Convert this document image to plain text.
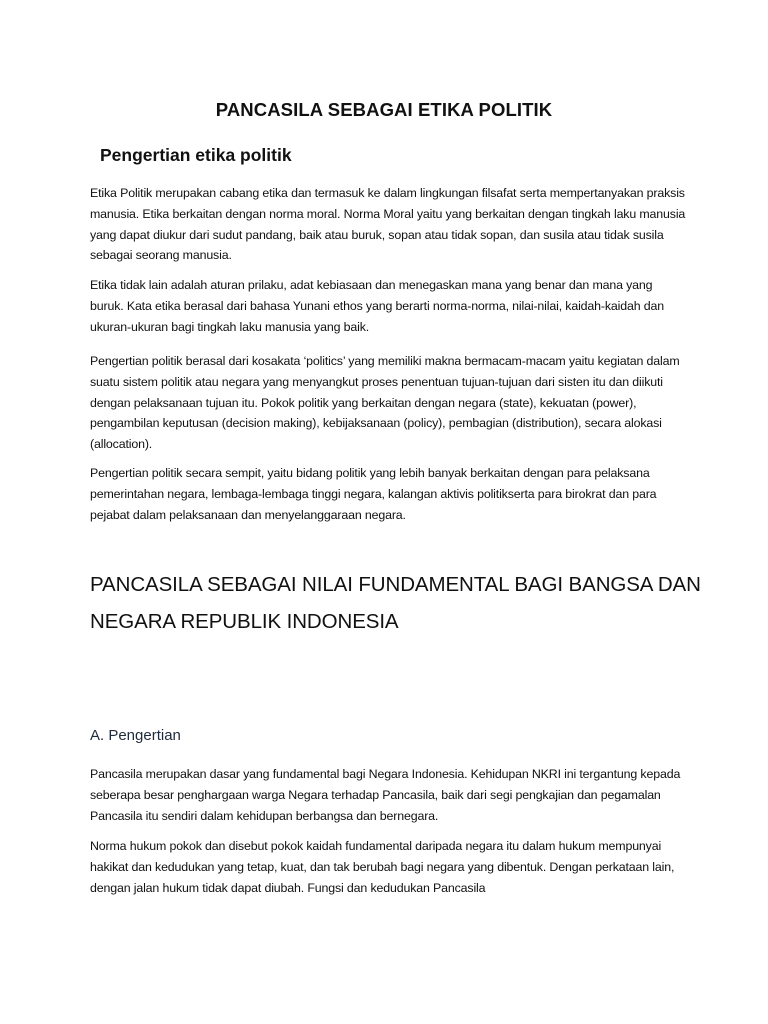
PANCASILA SEBAGAI ETIKA POLITIK
Pengertian etika politik

Etika Politik merupakan cabang etika dan termasuk ke dalam lingkungan filsafat serta mempertanyakan praksis manusia. Etika berkaitan dengan norma moral. Norma Moral yaitu yang berkaitan dengan tingkah laku manusia yang dapat diukur dari sudut pandang, baik atau buruk, sopan atau tidak sopan, dan susila atau tidak susila sebagai seorang manusia.

Etika tidak lain adalah aturan prilaku, adat kebiasaan dan menegaskan mana yang benar dan mana yang buruk. Kata etika berasal dari bahasa Yunani ethos yang berarti norma-norma, nilai-nilai, kaidah-kaidah dan ukuran-ukuran bagi tingkah laku manusia yang baik.

Pengertian politik berasal dari kosakata ‘politics’ yang memiliki makna bermacam-macam yaitu kegiatan dalam suatu sistem politik atau negara yang menyangkut proses penentuan tujuan-tujuan dari sisten itu dan diikuti dengan pelaksanaan tujuan itu. Pokok politik yang berkaitan dengan negara (state), kekuatan (power), pengambilan keputusan (decision making), kebijaksanaan (policy), pembagian (distribution), secara alokasi (allocation).

Pengertian politik secara sempit, yaitu bidang politik yang lebih banyak berkaitan dengan para pelaksana pemerintahan negara, lembaga-lembaga tinggi negara, kalangan aktivis politikserta para birokrat dan para pejabat dalam pelaksanaan dan menyelanggaraan negara.

PANCASILA SEBAGAI NILAI FUNDAMENTAL BAGI BANGSA DAN NEGARA REPUBLIK INDONESIA
A. Pengertian

Pancasila merupakan dasar yang fundamental bagi Negara Indonesia. Kehidupan NKRI ini tergantung kepada seberapa besar penghargaan warga Negara terhadap Pancasila, baik dari segi pengkajian dan pegamalan Pancasila itu sendiri dalam kehidupan berbangsa dan bernegara.

Norma hukum pokok dan disebut pokok kaidah fundamental daripada negara itu dalam hukum mempunyai hakikat dan kedudukan yang tetap, kuat, dan tak berubah bagi negara yang dibentuk. Dengan perkataan lain, dengan jalan hukum tidak dapat diubah. Fungsi dan kedudukan Pancasila
